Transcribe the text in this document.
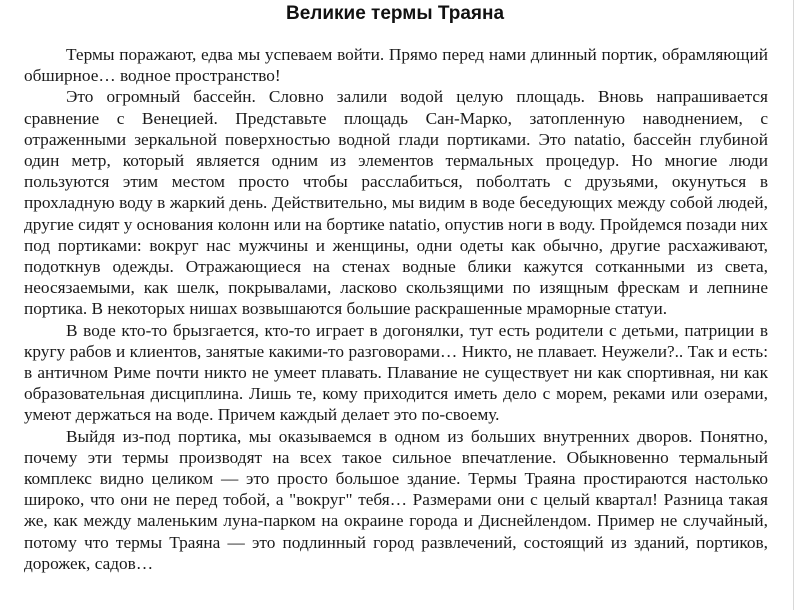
Великие термы Траяна

Термы поражают, едва мы успеваем войти. Прямо перед нами длинный портик, обрамляющий обширное… водное пространство!

Это огромный бассейн. Словно залили водой целую площадь. Вновь напрашивается сравнение с Венецией. Представьте площадь Сан-Марко, затопленную наводнением, с отраженными зеркальной поверхностью водной глади портиками. Это natatio, бассейн глубиной один метр, который является одним из элементов термальных процедур. Но многие люди пользуются этим местом просто чтобы расслабиться, поболтать с друзьями, окунуться в прохладную воду в жаркий день. Действительно, мы видим в воде беседующих между собой людей, другие сидят у основания колонн или на бортике natatio, опустив ноги в воду. Пройдемся позади них под портиками: вокруг нас мужчины и женщины, одни одеты как обычно, другие расхаживают, подоткнув одежды. Отражающиеся на стенах водные блики кажутся сотканными из света, неосязаемыми, как шелк, покрывалами, ласково скользящими по изящным фрескам и лепнине портика. В некоторых нишах возвышаются большие раскрашенные мраморные статуи.

В воде кто-то брызгается, кто-то играет в догонялки, тут есть родители с детьми, патриции в кругу рабов и клиентов, занятые какими-то разговорами… Никто, не плавает. Неужели?.. Так и есть: в античном Риме почти никто не умеет плавать. Плавание не существует ни как спортивная, ни как образовательная дисциплина. Лишь те, кому приходится иметь дело с морем, реками или озерами, умеют держаться на воде. Причем каждый делает это по-своему.

Выйдя из-под портика, мы оказываемся в одном из больших внутренних дворов. Понятно, почему эти термы производят на всех такое сильное впечатление. Обыкновенно термальный комплекс видно целиком — это просто большое здание. Термы Траяна простираются настолько широко, что они не перед тобой, а "вокруг" тебя… Размерами они с целый квартал! Разница такая же, как между маленьким луна-парком на окраине города и Диснейлендом. Пример не случайный, потому что термы Траяна — это подлинный город развлечений, состоящий из зданий, портиков, дорожек, садов…
